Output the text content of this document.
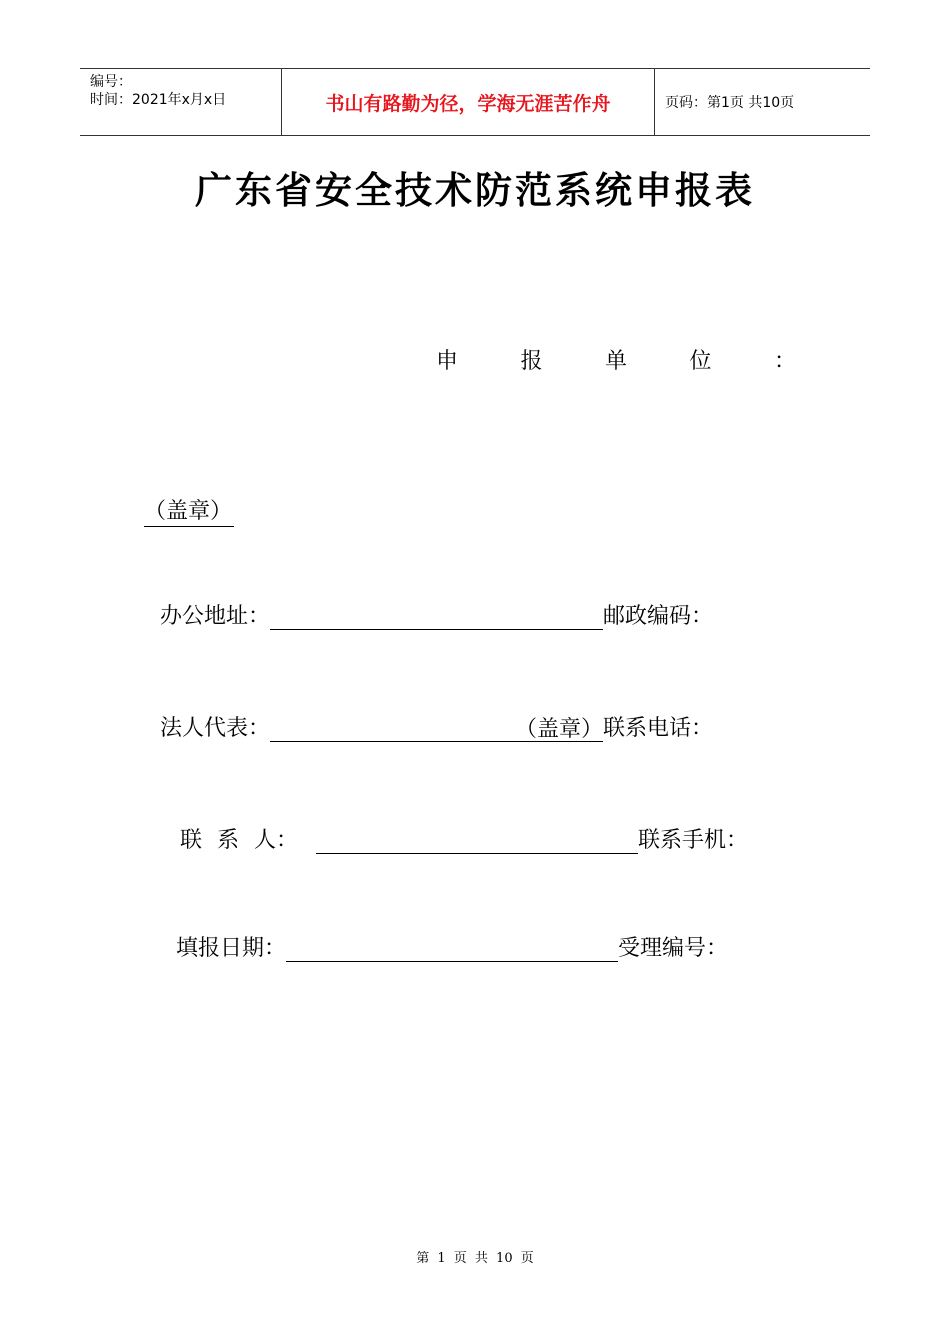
编号：
时间：2021年x月x日	书山有路勤为径，学海无涯苦作舟	页码：第1页 共10页
广东省安全技术防范系统申报表
申	报	单	位	：
（盖章）
办公地址：	邮政编码：
法人代表：	（盖章） 联系电话：
联 系 人：	联系手机：
填报日期：	受理编号：
第 1 页 共 10 页
